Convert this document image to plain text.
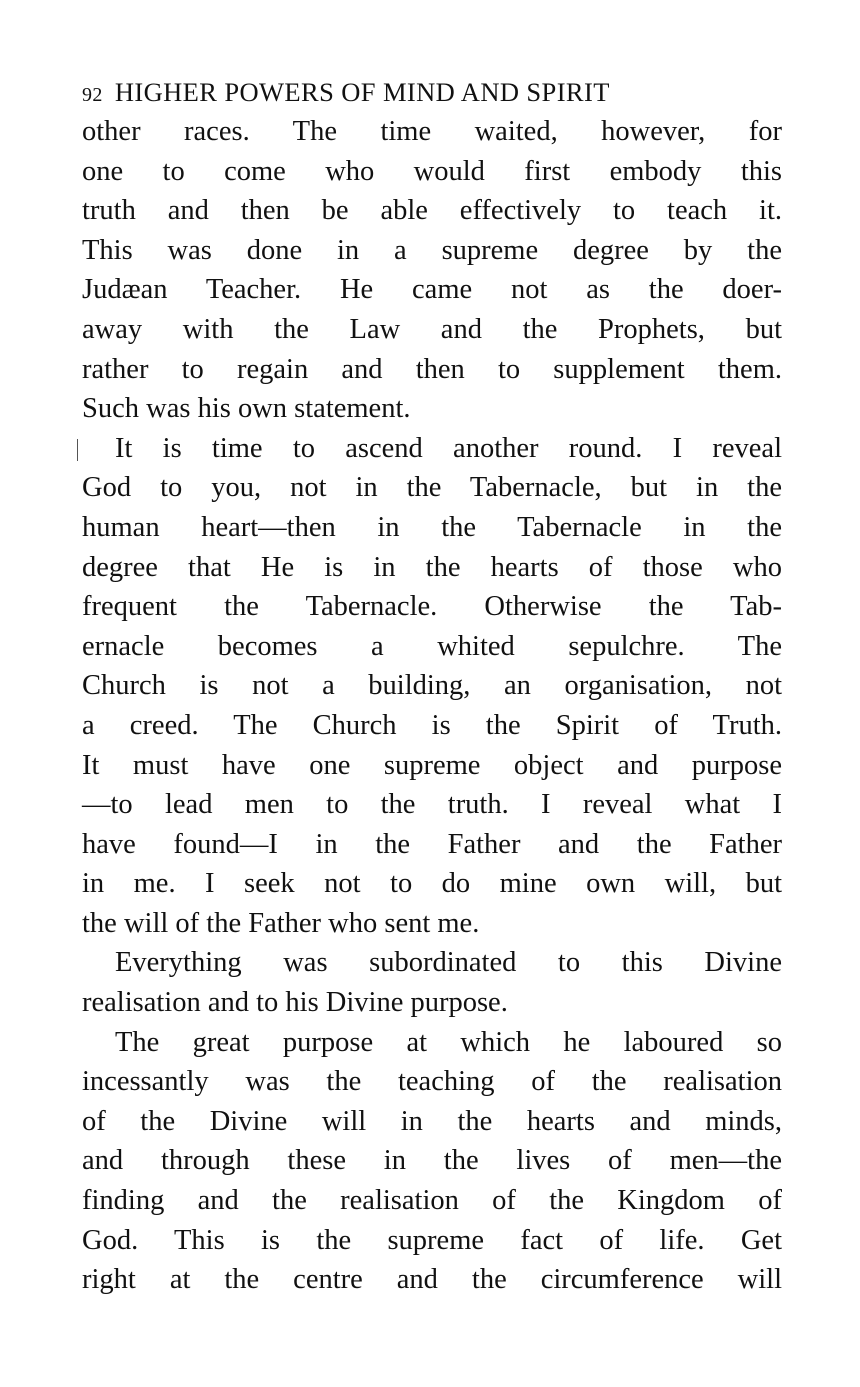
92 HIGHER POWERS OF MIND AND SPIRIT
other races. The time waited, however, for
one to come who would first embody this
truth and then be able effectively to teach it.
This was done in a supreme degree by the
Judæan Teacher. He came not as the doer-
away with the Law and the Prophets, but
rather to regain and then to supplement them.
Such was his own statement.
It is time to ascend another round. I reveal
God to you, not in the Tabernacle, but in the
human heart—then in the Tabernacle in the
degree that He is in the hearts of those who
frequent the Tabernacle. Otherwise the Tab-
ernacle becomes a whited sepulchre. The
Church is not a building, an organisation, not
a creed. The Church is the Spirit of Truth.
It must have one supreme object and purpose
—to lead men to the truth. I reveal what I
have found—I in the Father and the Father
in me. I seek not to do mine own will, but
the will of the Father who sent me.
Everything was subordinated to this Divine
realisation and to his Divine purpose.
The great purpose at which he laboured so
incessantly was the teaching of the realisation
of the Divine will in the hearts and minds,
and through these in the lives of men—the
finding and the realisation of the Kingdom of
God. This is the supreme fact of life. Get
right at the centre and the circumference will
